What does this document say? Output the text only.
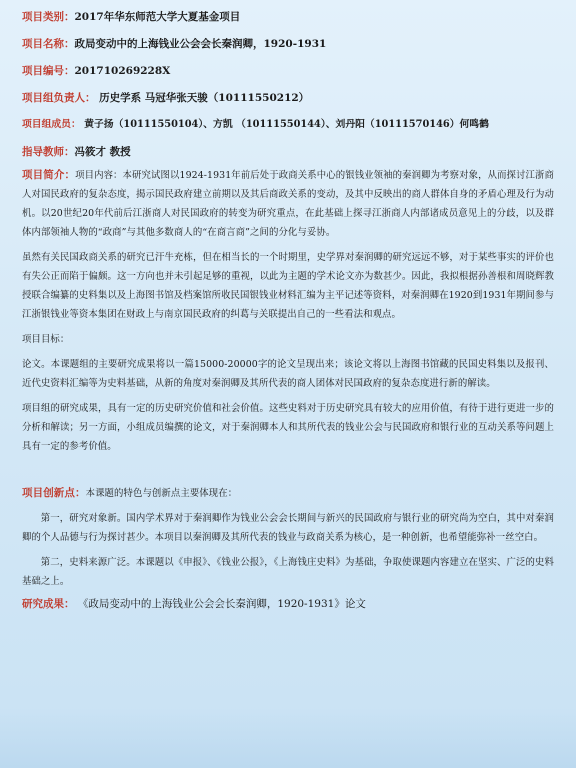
项目类别：2017年华东师范大学大夏基金项目
项目名称：政局变动中的上海钱业公会会长秦润卿，1920-1931
项目编号：201710269228X
项目组负责人： 历史学系 马冠华张天骏（10111550212）
项目组成员： 黄子扬（10111550104）、方凯 （10111550144）、刘丹阳（10111570146）何鸣鹤
指导教师：冯筱才 教授

项目简介：项目内容：本研究试图以1924-1931年前后处于政商关系中心的银钱业领袖的秦润卿为考察对象，从而探讨江浙商人对国民政府的复杂态度，揭示国民政府建立前期以及其后商政关系的变动，及其中反映出的商人群体自身的矛盾心理及行为动机。以20世纪20年代前后江浙商人对民国政府的转变为研究重点，在此基础上探寻江浙商人内部诸成员意见上的分歧，以及群体内部领袖人物的“政商”与其他多数商人的“在商言商”之间的分化与妥协。

虽然有关民国政商关系的研究已汗牛充栋，但在相当长的一个时期里，史学界对秦润卿的研究远远不够，对于某些事实的评价也有失公正而陷于偏颇。这一方向也并未引起足够的重视，以此为主题的学术论文亦为数甚少。因此，我拟根据孙善根和周晓辉教授联合编纂的史料集以及上海图书馆及档案馆所收民国银钱业材料汇编为主平记述等资料，对秦润卿在1920到1931年期间参与江浙银钱业等资本集团在财政上与南京国民政府的纠葛与关联提出自己的一些看法和观点。

项目目标：

论文。本课题组的主要研究成果将以一篇15000-20000字的论文呈现出来；该论文将以上海图书馆藏的民国史料集以及报刊、近代史资料汇编等为史料基础，从新的角度对秦润卿及其所代表的商人团体对民国政府的复杂态度进行新的解读。

项目组的研究成果，具有一定的历史研究价值和社会价值。这些史料对于历史研究具有较大的应用价值，有待于进行更进一步的分析和解读；另一方面，小组成员编撰的论文，对于秦润卿本人和其所代表的钱业公会与民国政府和银行业的互动关系等问题上具有一定的参考价值。

项目创新点：本课题的特色与创新点主要体现在：

第一，研究对象新。国内学术界对于秦润卿作为钱业公会会长期间与新兴的民国政府与银行业的研究尚为空白，其中对秦润卿的个人品德与行为探讨甚少。本项目以秦润卿及其所代表的钱业与政商关系为核心，是一种创新，也希望能弥补一丝空白。

第二，史料来源广泛。本课题以《申报》、《钱业公报》，《上海钱庄史料》为基础，争取使课题内容建立在坚实、广泛的史料基础之上。

研究成果： 《政局变动中的上海钱业公会会长秦润卿，1920-1931》论文
